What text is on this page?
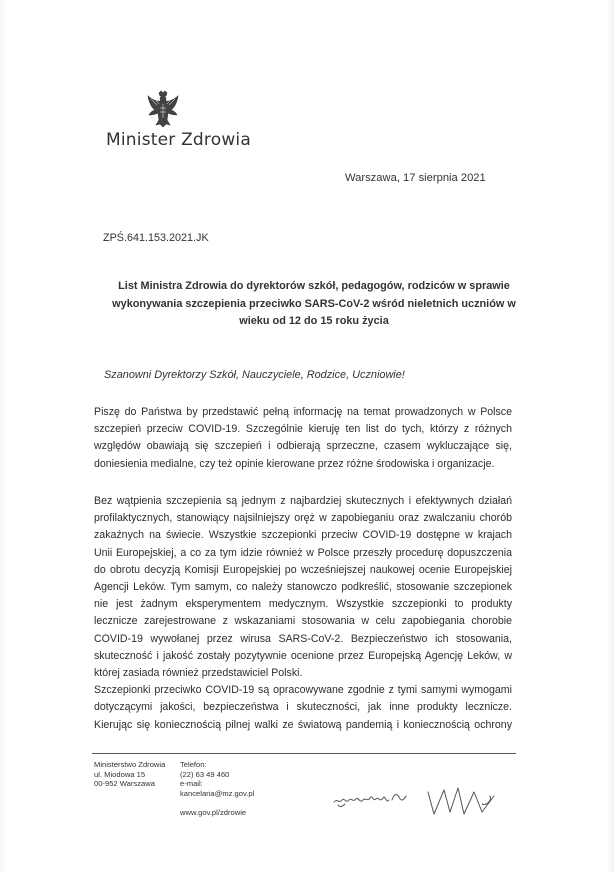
Minister Zdrowia
Warszawa, 17 sierpnia 2021
ZPŚ.641.153.2021.JK
List Ministra Zdrowia do dyrektorów szkół, pedagogów, rodziców w sprawie
wykonywania szczepienia przeciwko SARS-CoV-2 wśród nieletnich uczniów w
wieku od 12 do 15 roku życia
Szanowni Dyrektorzy Szkół, Nauczyciele, Rodzice, Uczniowie!
Piszę do Państwa by przedstawić pełną informację na temat prowadzonych w Polsce
szczepień przeciw COVID-19. Szczególnie kieruję ten list do tych, którzy z różnych
względów obawiają się szczepień i odbierają sprzeczne, czasem wykluczające się,
doniesienia medialne, czy też opinie kierowane przez różne środowiska i organizacje.
Bez wątpienia szczepienia są jednym z najbardziej skutecznych i efektywnych działań
profilaktycznych, stanowiący najsilniejszy oręż w zapobieganiu oraz zwalczaniu chorób
zakaźnych na świecie. Wszystkie szczepionki przeciw COVID-19 dostępne w krajach
Unii Europejskiej, a co za tym idzie również w Polsce przeszły procedurę dopuszczenia
do obrotu decyzją Komisji Europejskiej po wcześniejszej naukowej ocenie Europejskiej
Agencji Leków. Tym samym, co należy stanowczo podkreślić, stosowanie szczepionek
nie jest żadnym eksperymentem medycznym. Wszystkie szczepionki to produkty
lecznicze zarejestrowane z wskazaniami stosowania w celu zapobiegania chorobie
COVID-19 wywołanej przez wirusa SARS-CoV-2. Bezpieczeństwo ich stosowania,
skuteczność i jakość zostały pozytywnie ocenione przez Europejską Agencję Leków, w
której zasiada również przedstawiciel Polski.
Szczepionki przeciwko COVID-19 są opracowywane zgodnie z tymi samymi wymogami
dotyczącymi jakości, bezpieczeństwa i skuteczności, jak inne produkty lecznicze.
Kierując się koniecznością pilnej walki ze światową pandemią i koniecznością ochrony
Ministerstwo Zdrowia
ul. Miodowa 15
00-952 Warszawa
Telefon:
(22) 63 49 460
e-mail:
kancelaria@mz.gov.pl
www.gov.pl/zdrowie
